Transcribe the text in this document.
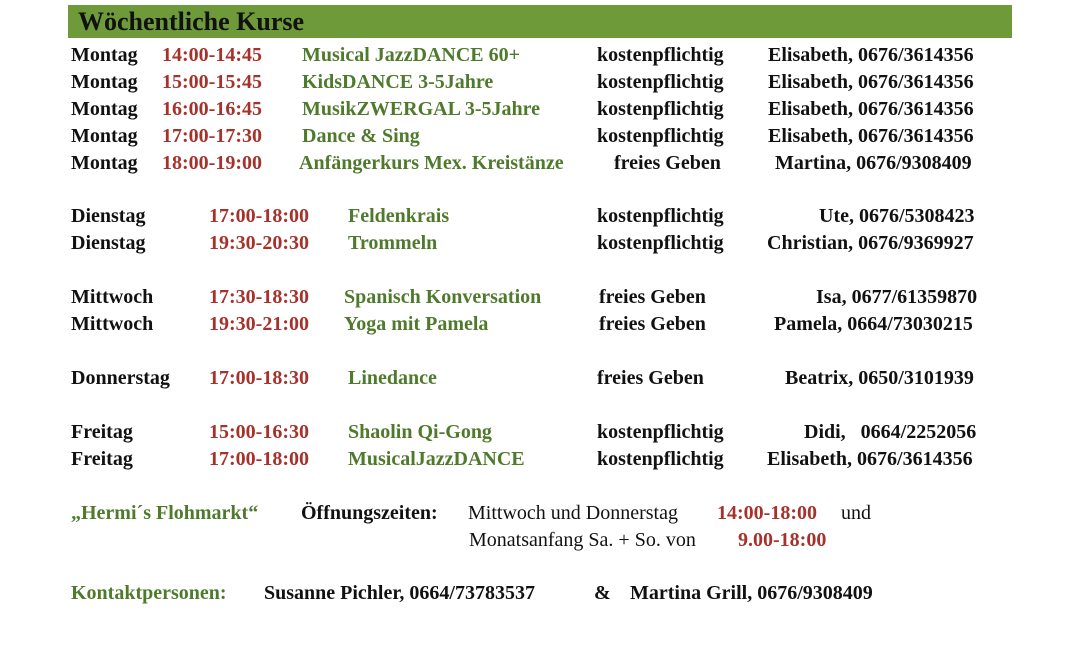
Wöchentliche Kurse
Montag 14:00-14:45 Musical JazzDANCE 60+	kostenpflichtig Elisabeth, 0676/3614356
Montag 15:00-15:45 KidsDANCE 3-5Jahre	kostenpflichtig Elisabeth, 0676/3614356
Montag 16:00-16:45 MusikZWERGAL 3-5Jahre	kostenpflichtig Elisabeth, 0676/3614356
Montag 17:00-17:30 Dance & Sing	kostenpflichtig Elisabeth, 0676/3614356
Montag 18:00-19:00 Anfängerkurs Mex. Kreistänze	freies Geben	Martina, 0676/9308409
Dienstag	17:00-18:00 Feldenkrais	kostenpflichtig	Ute, 0676/5308423
Dienstag	19:30-20:30 Trommeln	kostenpflichtig Christian, 0676/9369927
Mittwoch	17:30-18:30 Spanisch Konversation	freies Geben	Isa, 0677/61359870
Mittwoch	19:30-21:00 Yoga mit Pamela	freies Geben	Pamela, 0664/73030215
Donnerstag 17:00-18:30 Linedance	freies Geben	Beatrix, 0650/3101939
Freitag	15:00-16:30 Shaolin Qi-Gong	kostenpflichtig	Didi,   0664/2252056
Freitag	17:00-18:00 MusicalJazzDANCE	kostenpflichtig Elisabeth, 0676/3614356
„Hermi´s Flohmarkt“ Öffnungszeiten: Mittwoch und Donnerstag 14:00-18:00 und
Monatsanfang Sa. + So. von 9.00-18:00
Kontaktpersonen: Susanne Pichler, 0664/73783537	& Martina Grill, 0676/9308409
